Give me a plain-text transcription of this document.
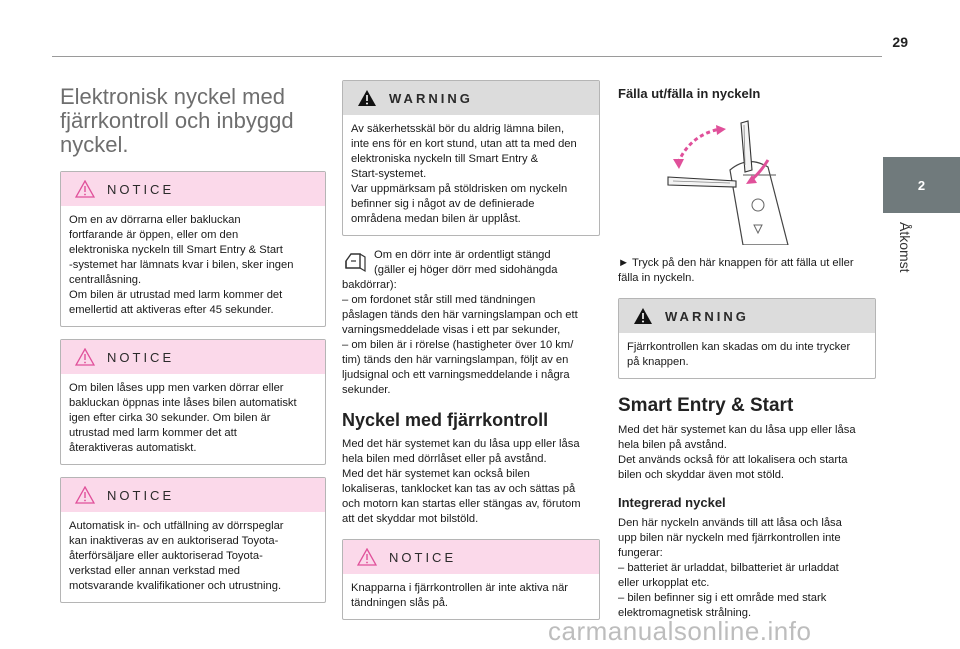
29
2
Åtkomst
Elektronisk nyckel med
fjärrkontroll och inbyggd
nyckel.
NOTICE
Om en av dörrarna eller bakluckan
fortfarande är öppen, eller om den
elektroniska nyckeln till Smart Entry & Start
-systemet har lämnats kvar i bilen, sker ingen
centrallåsning.
Om bilen är utrustad med larm kommer det
emellertid att aktiveras efter 45 sekunder.
NOTICE
Om bilen låses upp men varken dörrar eller
bakluckan öppnas inte låses bilen automatiskt
igen efter cirka 30 sekunder. Om bilen är
utrustad med larm kommer det att
återaktiveras automatiskt.
NOTICE
Automatisk in- och utfällning av dörrspeglar
kan inaktiveras av en auktoriserad Toyota-
återförsäljare eller auktoriserad Toyota-
verkstad eller annan verkstad med
motsvarande kvalifikationer och utrustning.
WARNING
Av säkerhetsskäl bör du aldrig lämna bilen,
inte ens för en kort stund, utan att ta med den
elektroniska nyckeln till Smart Entry &
Start-systemet.
Var uppmärksam på stöldrisken om nyckeln
befinner sig i något av de definierade
områdena medan bilen är upplåst.
Om en dörr inte är ordentligt stängd
(gäller ej höger dörr med sidohängda
bakdörrar):
– om fordonet står still med tändningen
påslagen tänds den här varningslampan och ett
varningsmeddelade visas i ett par sekunder,
– om bilen är i rörelse (hastigheter över 10 km/
tim) tänds den här varningslampan, följt av en
ljudsignal och ett varningsmeddelande i några
sekunder.
Nyckel med fjärrkontroll
Med det här systemet kan du låsa upp eller låsa
hela bilen med dörrlåset eller på avstånd.
Med det här systemet kan också bilen
lokaliseras, tanklocket kan tas av och sättas på
och motorn kan startas eller stängas av, förutom
att det skyddar mot bilstöld.
NOTICE
Knapparna i fjärrkontrollen är inte aktiva när
tändningen slås på.
Fälla ut/fälla in nyckeln
► Tryck på den här knappen för att fälla ut eller
fälla in nyckeln.
WARNING
Fjärrkontrollen kan skadas om du inte trycker
på knappen.
Smart Entry & Start
Med det här systemet kan du låsa upp eller låsa
hela bilen på avstånd.
Det används också för att lokalisera och starta
bilen och skyddar även mot stöld.
Integrerad nyckel
Den här nyckeln används till att låsa och låsa
upp bilen när nyckeln med fjärrkontrollen inte
fungerar:
– batteriet är urladdat, bilbatteriet är urladdat
eller urkopplat etc.
– bilen befinner sig i ett område med stark
elektromagnetisk strålning.
carmanualsonline.info
